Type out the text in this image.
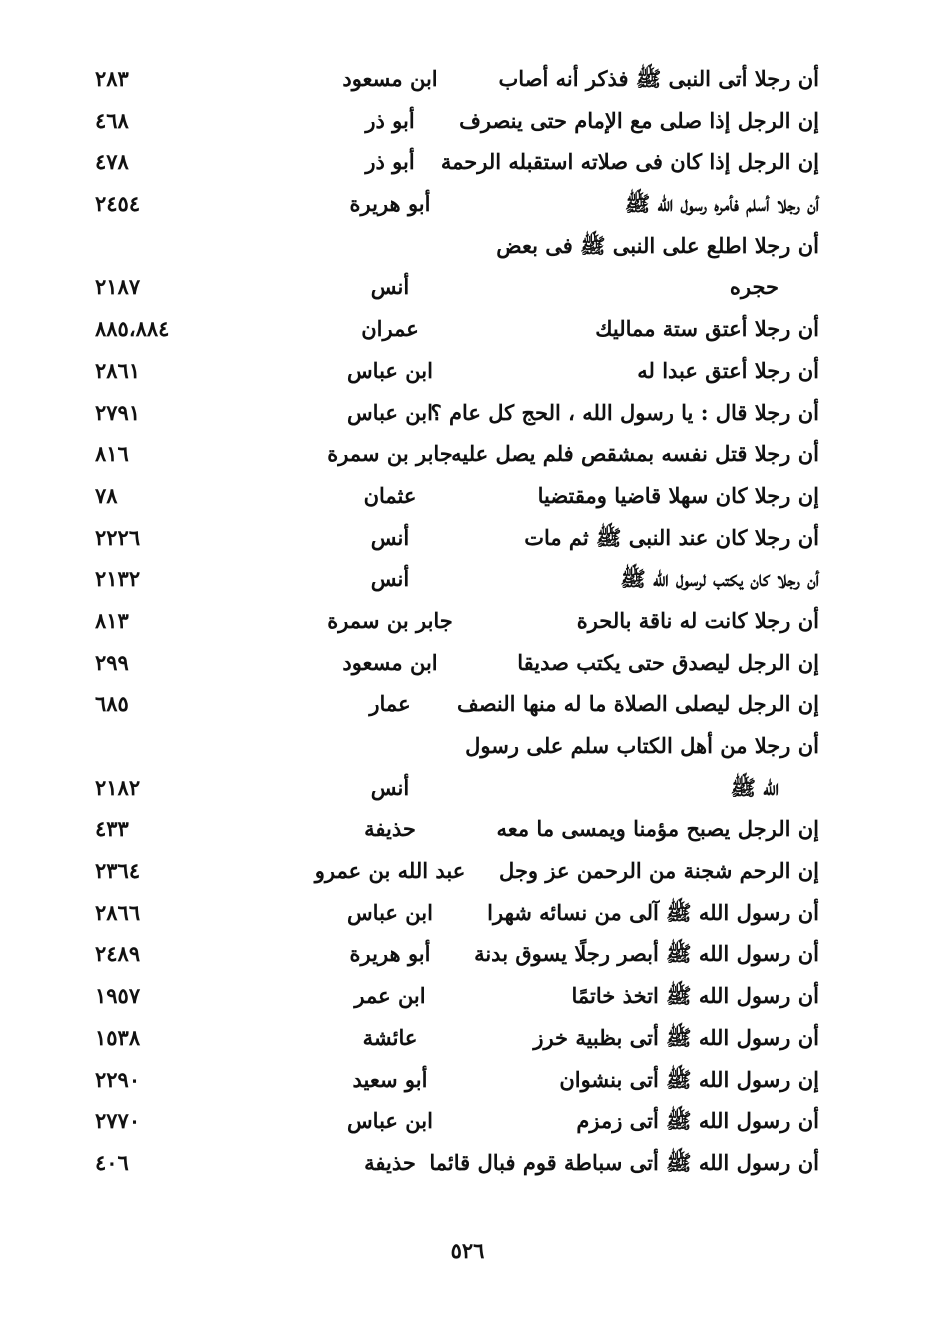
أن رجلا أتى النبى ﷺ فذكر أنه أصاب
ابن مسعود
٢٨٣
إن الرجل إذا صلى مع الإمام حتى ينصرف
أبو ذر
٤٦٨
إن الرجل إذا كان فى صلاته استقبله الرحمة
أبو ذر
٤٧٨
أن رجلا أسلم فأمره رسول الله ﷺ
أبو هريرة
٢٤٥٤
أن رجلا اطلع على النبى ﷺ فى بعض
حجره
أنس
٢١٨٧
أن رجلا أعتق ستة مماليك
عمران
٨٨٥،٨٨٤
أن رجلا أعتق عبدا له
ابن عباس
٢٨٦١
أن رجلا قال : يا رسول الله ، الحج كل عام ؟
ابن عباس
٢٧٩١
أن رجلا قتل نفسه بمشقص فلم يصل عليه
جابر بن سمرة
٨١٦
إن رجلا كان سهلا قاضيا ومقتضيا
عثمان
٧٨
أن رجلا كان عند النبى ﷺ ثم مات
أنس
٢٢٢٦
أن رجلا كان يكتب لرسول الله ﷺ
أنس
٢١٣٢
أن رجلا كانت له ناقة بالحرة
جابر بن سمرة
٨١٣
إن الرجل ليصدق حتى يكتب صديقا
ابن مسعود
٢٩٩
إن الرجل ليصلى الصلاة ما له منها النصف
عمار
٦٨٥
أن رجلا من أهل الكتاب سلم على رسول
الله ﷺ
أنس
٢١٨٢
إن الرجل يصبح مؤمنا ويمسى ما معه
حذيفة
٤٣٣
إن الرحم شجنة من الرحمن عز وجل
عبد الله بن عمرو
٢٣٦٤
أن رسول الله ﷺ آلى من نسائه شهرا
ابن عباس
٢٨٦٦
أن رسول الله ﷺ أبصر رجلًا يسوق بدنة
أبو هريرة
٢٤٨٩
أن رسول الله ﷺ اتخذ خاتمًا
ابن عمر
١٩٥٧
أن رسول الله ﷺ أتى بظبية خرز
عائشة
١٥٣٨
إن رسول الله ﷺ أتى بنشوان
أبو سعيد
٢٢٩٠
أن رسول الله ﷺ أتى زمزم
ابن عباس
٢٧٧٠
أن رسول الله ﷺ أتى سباطة قوم فبال قائما
حذيفة
٤٠٦
٥٢٦
